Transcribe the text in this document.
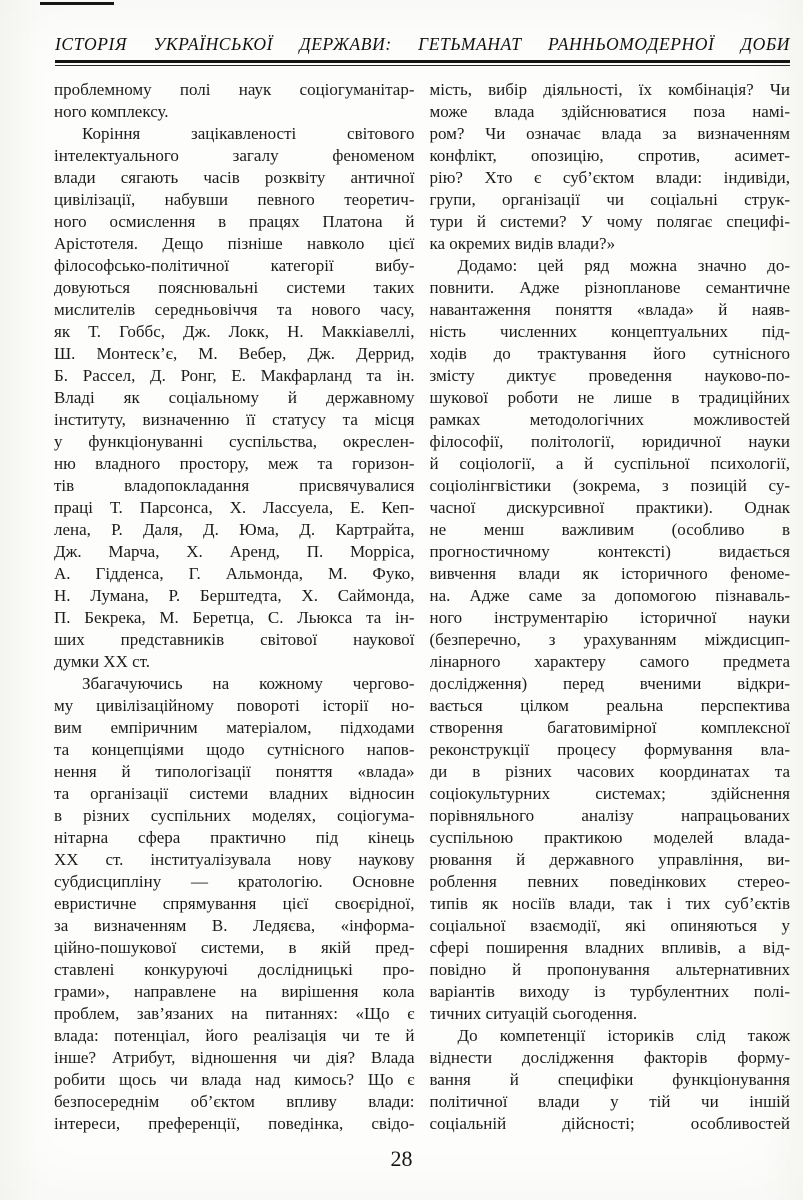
ІСТОРІЯ УКРАЇНСЬКОЇ ДЕРЖАВИ: ГЕТЬМАНАТ РАННЬОМОДЕРНОЇ ДОБИ
проблемному полі наук соціогуманітар-
ного комплексу.
Коріння зацікавленості світового
інтелектуального загалу феноменом
влади сягають часів розквіту античної
цивілізації, набувши певного теоретич-
ного осмислення в працях Платона й
Арістотеля. Дещо пізніше навколо цієї
філософсько-політичної категорії вибу-
довуються пояснювальні системи таких
мислителів середньовіччя та нового часу,
як Т. Гоббс, Дж. Локк, Н. Маккіавеллі,
Ш. Монтеск’є, М. Вебер, Дж. Деррид,
Б. Рассел, Д. Ронг, Е. Макфарланд та ін.
Владі як соціальному й державному
інституту, визначенню її статусу та місця
у функціонуванні суспільства, окреслен-
ню владного простору, меж та горизон-
тів владопокладання присвячувалися
праці Т. Парсонса, Х. Лассуела, Е. Кеп-
лена, Р. Даля, Д. Юма, Д. Картрайта,
Дж. Марча, Х. Аренд, П. Морріса,
А. Гідденса, Г. Альмонда, М. Фуко,
Н. Лумана, Р. Берштедта, Х. Саймонда,
П. Бекрека, М. Беретца, С. Льюкса та ін-
ших представників світової наукової
думки XX ст.
Збагачуючись на кожному чергово-
му цивілізаційному повороті історії но-
вим емпіричним матеріалом, підходами
та концепціями щодо сутнісного напов-
нення й типологізації поняття «влада»
та організації системи владних відносин
в різних суспільних моделях, соціогума-
нітарна сфера практично під кінець
XX ст. інституалізувала нову наукову
субдисципліну — кратологію. Основне
евристичне спрямування цієї своєрідної,
за визначенням В. Ледяєва, «інформа-
ційно-пошукової системи, в якій пред-
ставлені конкуруючі дослідницькі про-
грами», направлене на вирішення кола
проблем, зав’язаних на питаннях: «Що є
влада: потенціал, його реалізація чи те й
інше? Атрибут, відношення чи дія? Влада
робити щось чи влада над кимось? Що є
безпосереднім об’єктом впливу влади:
інтереси, преференції, поведінка, свідо-
мість, вибір діяльності, їх комбінація? Чи
може влада здійснюватися поза намі-
ром? Чи означає влада за визначенням
конфлікт, опозицію, спротив, асимет-
рію? Хто є суб’єктом влади: індивіди,
групи, організації чи соціальні струк-
тури й системи? У чому полягає специфі-
ка окремих видів влади?»
Додамо: цей ряд можна значно до-
повнити. Адже різнопланове семантичне
навантаження поняття «влада» й наяв-
ність численних концептуальних під-
ходів до трактування його сутнісного
змісту диктує проведення науково-по-
шукової роботи не лише в традиційних
рамках методологічних можливостей
філософії, політології, юридичної науки
й соціології, а й суспільної психології,
соціолінгвістики (зокрема, з позицій су-
часної дискурсивної практики). Однак
не менш важливим (особливо в
прогностичному контексті) видається
вивчення влади як історичного феноме-
на. Адже саме за допомогою пізнаваль-
ного інструментарію історичної науки
(безперечно, з урахуванням міждисцип-
лінарного характеру самого предмета
дослідження) перед вченими відкри-
вається цілком реальна перспектива
створення багатовимірної комплексної
реконструкції процесу формування вла-
ди в різних часових координатах та
соціокультурних системах; здійснення
порівняльного аналізу напрацьованих
суспільною практикою моделей влада-
рювання й державного управління, ви-
роблення певних поведінкових стерео-
типів як носіїв влади, так і тих суб’єктів
соціальної взаємодії, які опиняються у
сфері поширення владних впливів, а від-
повідно й пропонування альтернативних
варіантів виходу із турбулентних полі-
тичних ситуацій сьогодення.
До компетенції істориків слід також
віднести дослідження факторів форму-
вання й специфіки функціонування
політичної влади у тій чи іншій
соціальній дійсності; особливостей
28
